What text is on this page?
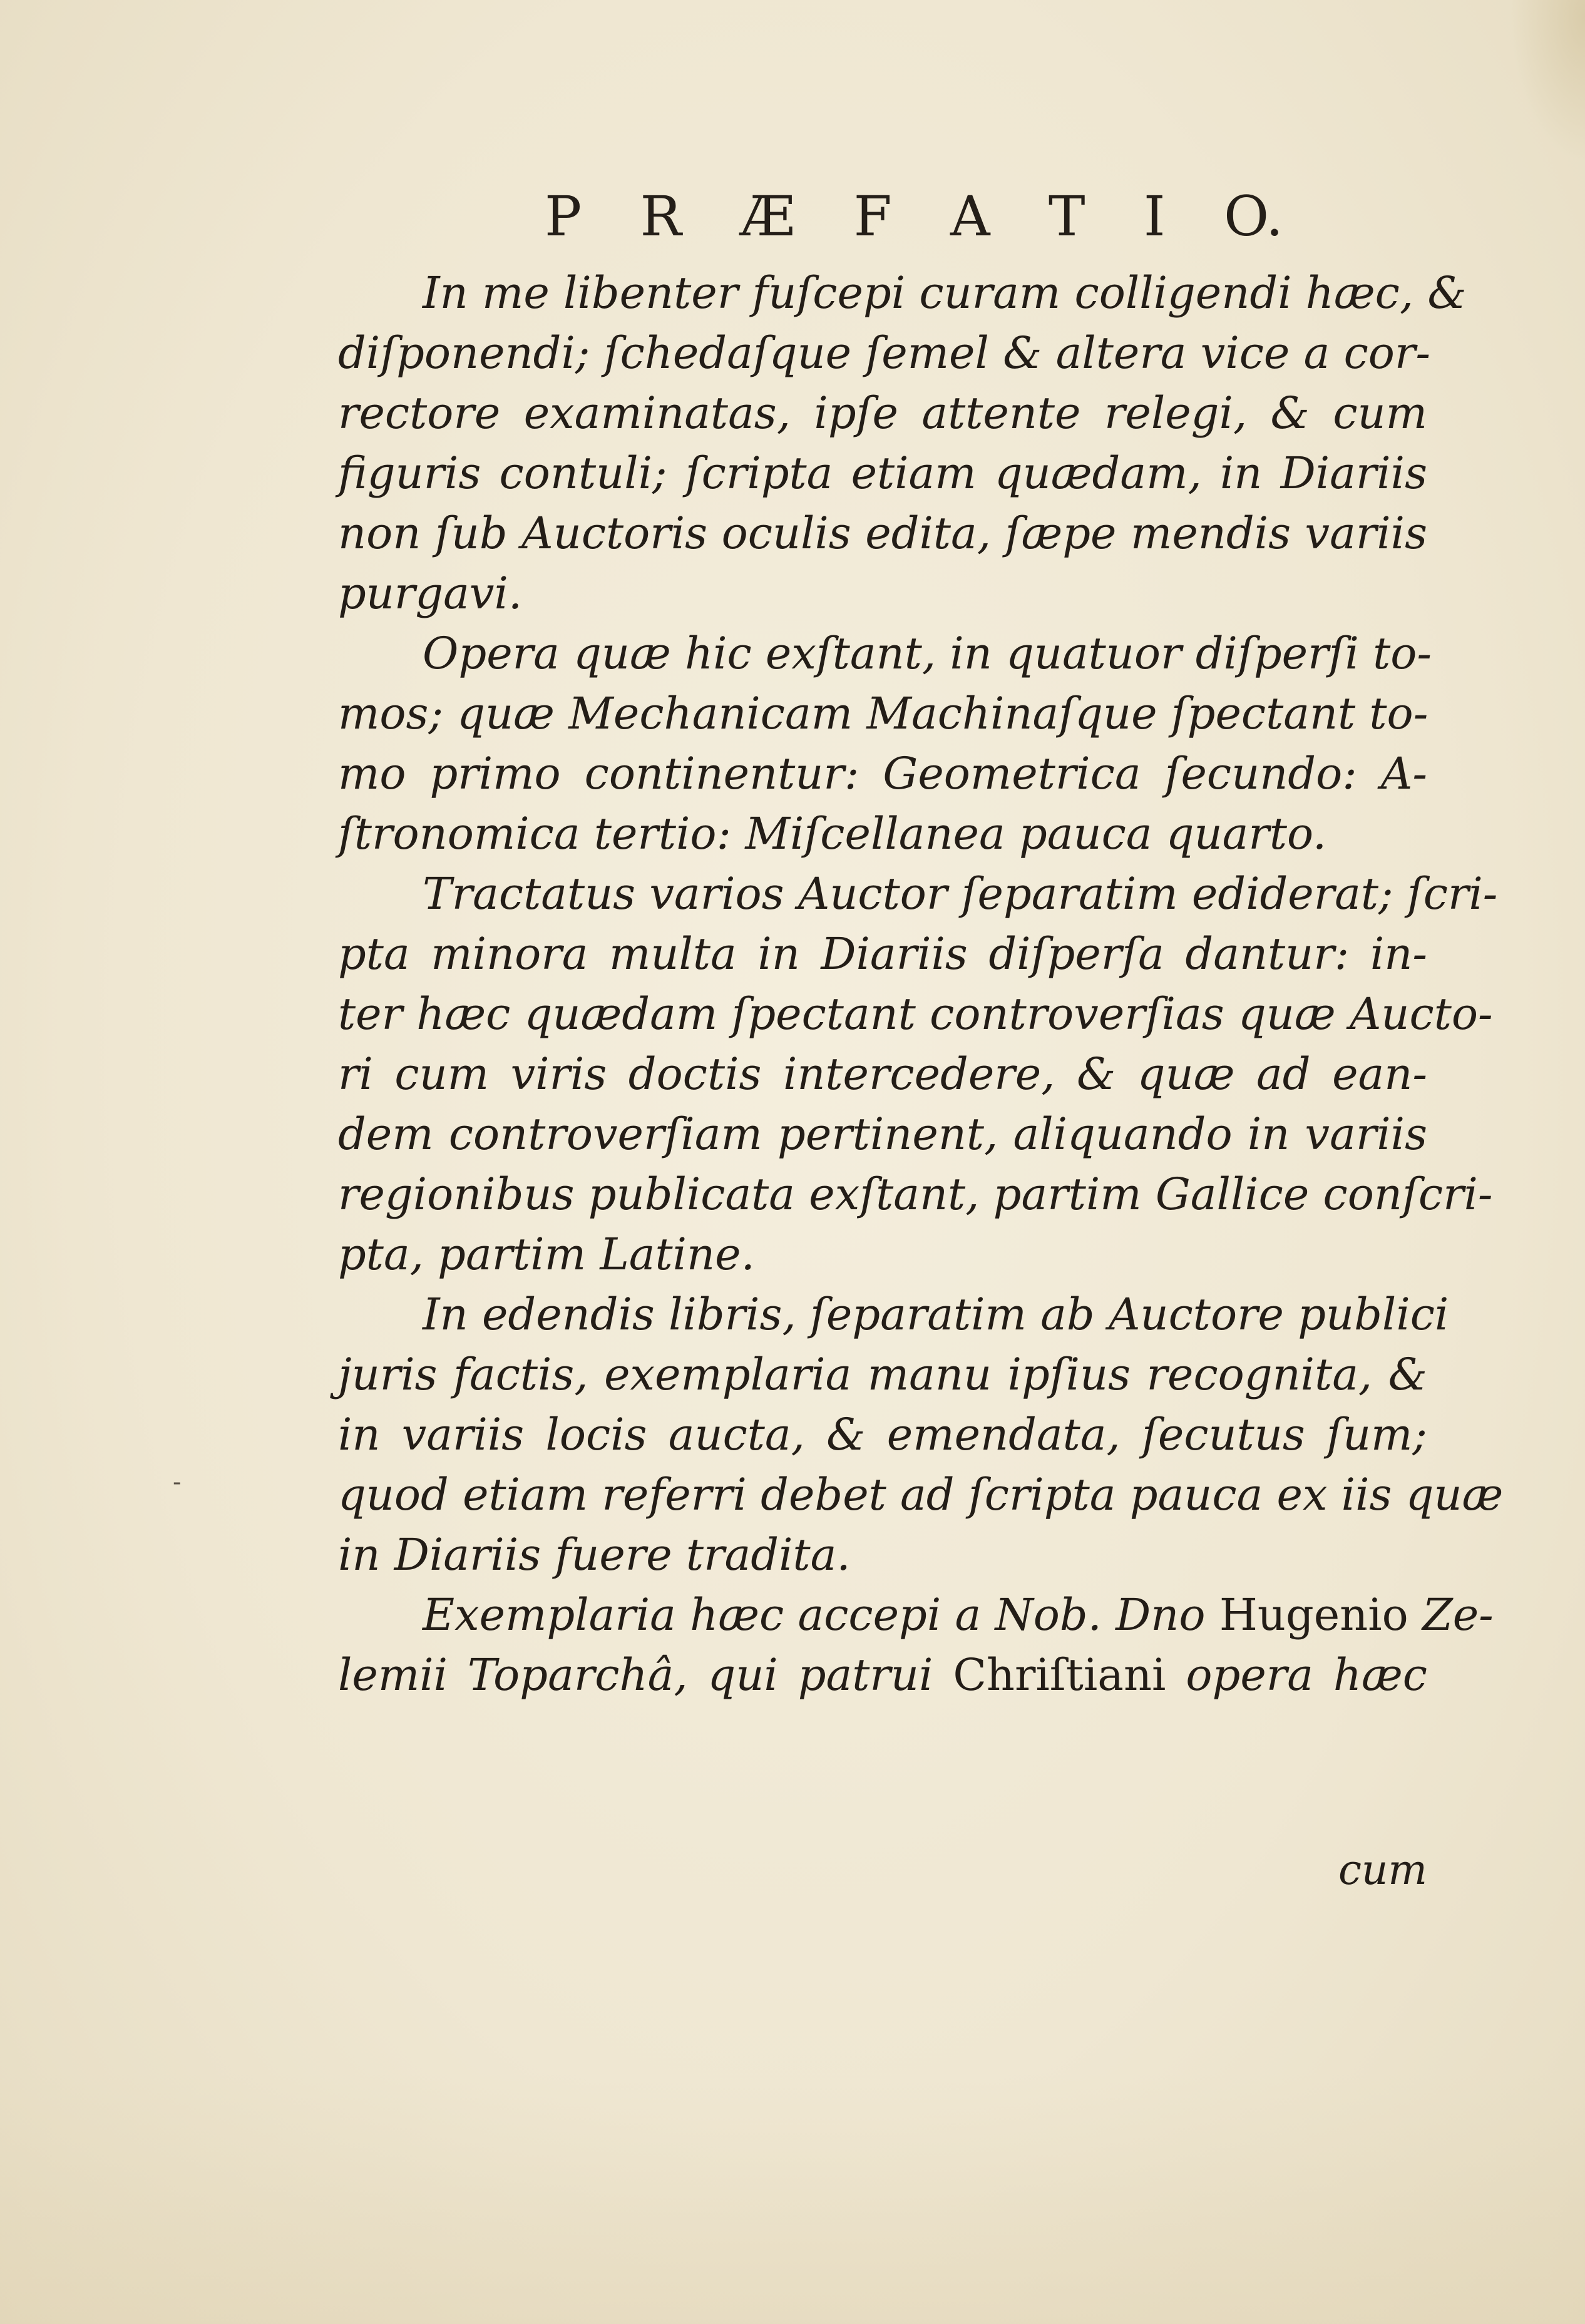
P R Æ F A T I O.
In me libenter fuſcepi curam colligendi hæc, &
diſponendi; ſchedaſque ſemel & altera vice a cor-
rectore examinatas, ipſe attente relegi, & cum
figuris contuli; ſcripta etiam quædam, in Diariis
non ſub Auctoris oculis edita, ſæpe mendis variis
purgavi.
Opera quæ hic exſtant, in quatuor diſperſi to-
mos; quæ Mechanicam Machinaſque ſpectant to-
mo primo continentur: Geometrica ſecundo: A-
ſtronomica tertio: Miſcellanea pauca quarto.
Tractatus varios Auctor ſeparatim ediderat; ſcri-
pta minora multa in Diariis diſperſa dantur: in-
ter hæc quædam ſpectant controverſias quæ Aucto-
ri cum viris doctis intercedere, & quæ ad ean-
dem controverſiam pertinent, aliquando in variis
regionibus publicata exſtant, partim Gallice conſcri-
pta, partim Latine.
In edendis libris, ſeparatim ab Auctore publici
juris factis, exemplaria manu ipſius recognita, &
in variis locis aucta, & emendata, ſecutus ſum;
quod etiam referri debet ad ſcripta pauca ex iis quæ
in Diariis fuere tradita.
Exemplaria hæc accepi a Nob. Dno Hugenio Ze-
lemii Toparchâ, qui patrui Chriſtiani opera hæc
cum
-
